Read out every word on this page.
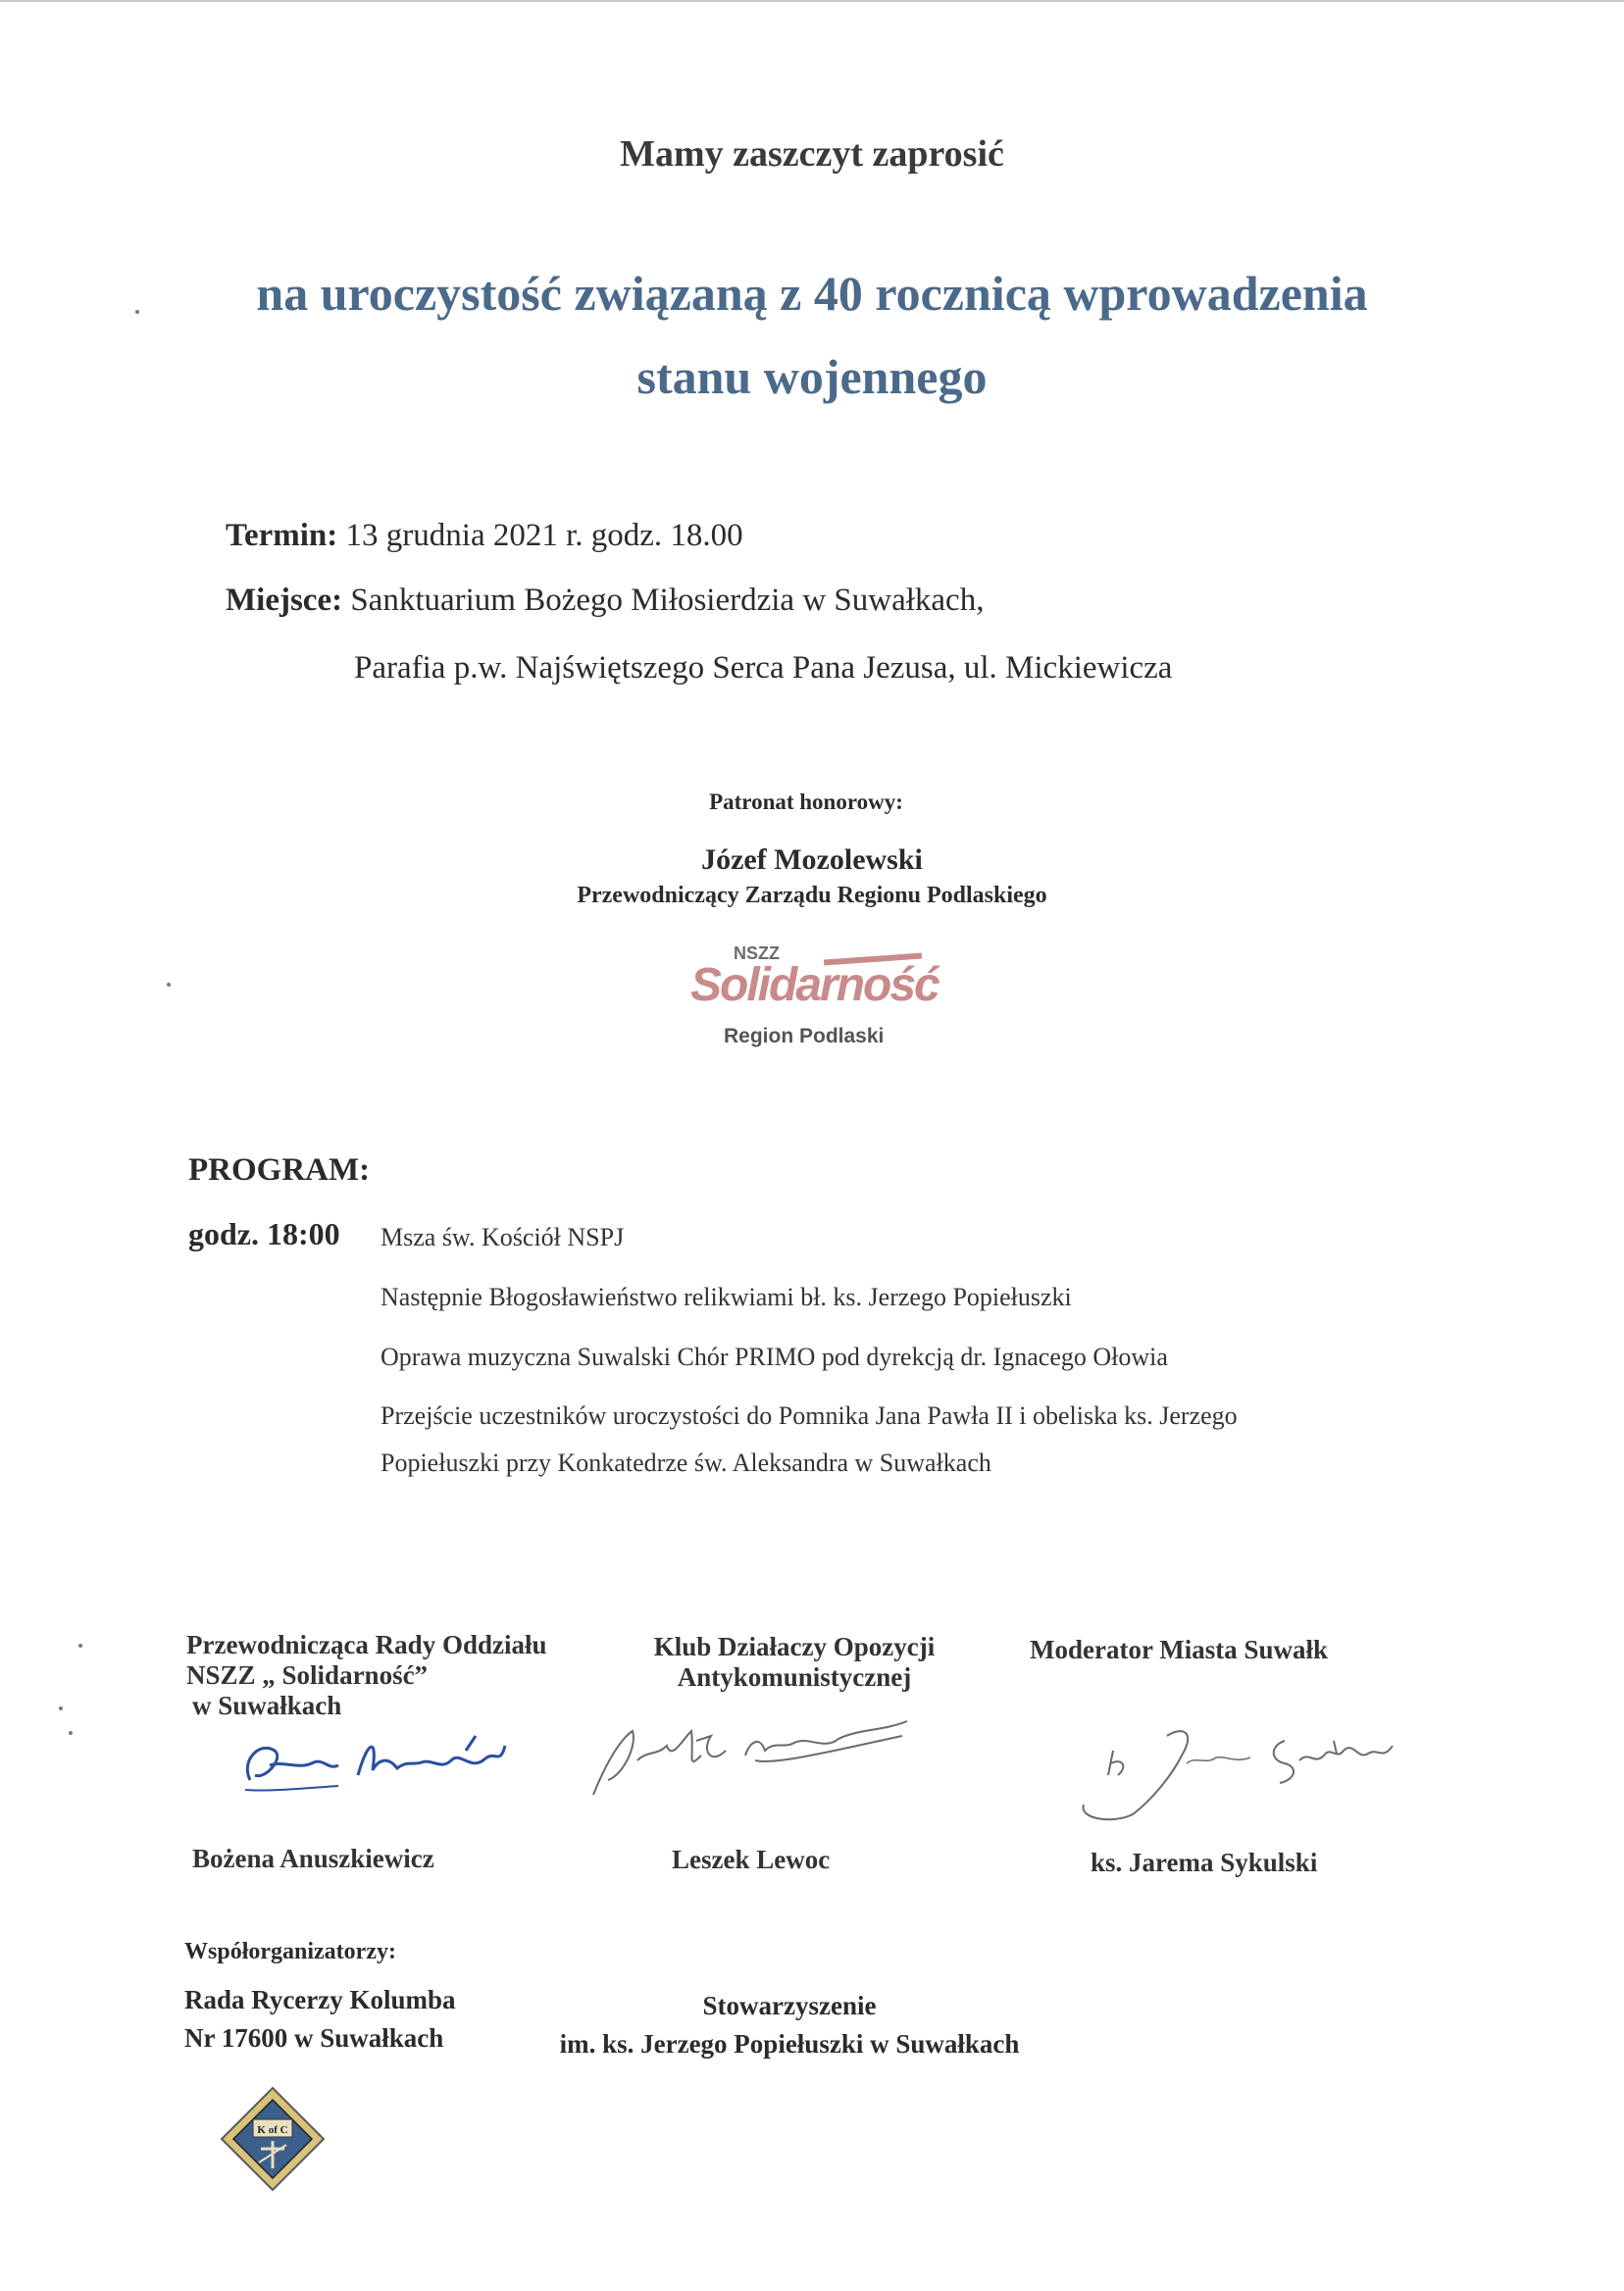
Mamy zaszczyt zaprosić
na uroczystość związaną z 40 rocznicą wprowadzenia
stanu wojennego
Termin: 13 grudnia 2021 r. godz. 18.00
Miejsce: Sanktuarium Bożego Miłosierdzia w Suwałkach,
Parafia p.w. Najświętszego Serca Pana Jezusa, ul. Mickiewicza
Patronat honorowy:
Józef Mozolewski
Przewodniczący Zarządu Regionu Podlaskiego
NSZZ
Solidarność
Region Podlaski
PROGRAM:
godz. 18:00 Msza św. Kościół NSPJ
Następnie Błogosławieństwo relikwiami bł. ks. Jerzego Popiełuszki
Oprawa muzyczna Suwalski Chór PRIMO pod dyrekcją dr. Ignacego Ołowia
Przejście uczestników uroczystości do Pomnika Jana Pawła II i obeliska ks. Jerzego
Popiełuszki przy Konkatedrze św. Aleksandra w Suwałkach
Przewodnicząca Rady Oddziału
NSZZ „ Solidarność”
w Suwałkach
Bożena Anuszkiewicz
Klub Działaczy Opozycji
Antykomunistycznej
Leszek Lewoc
Moderator Miasta Suwałk
ks. Jarema Sykulski
Współorganizatorzy:
Rada Rycerzy Kolumba
Nr 17600 w Suwałkach
Stowarzyszenie
im. ks. Jerzego Popiełuszki w Suwałkach
K of C
